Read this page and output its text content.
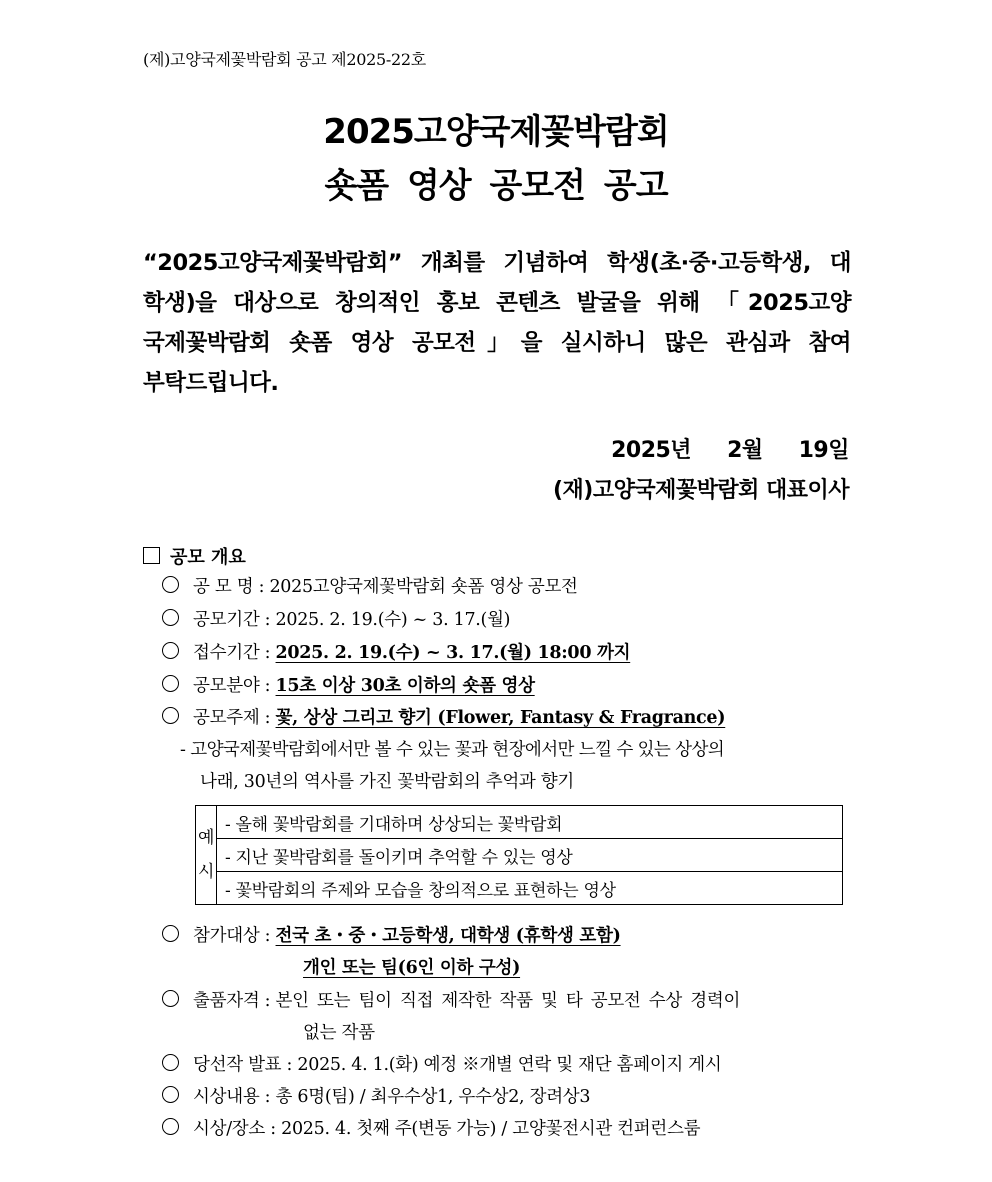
(제)고양국제꽃박람회 공고 제2025-22호
2025고양국제꽃박람회
숏폼 영상 공모전 공고
“2025고양국제꽃박람회” 개최를 기념하여 학생(초·중·고등학생, 대
학생)을 대상으로 창의적인 홍보 콘텐츠 발굴을 위해 「2025고양
국제꽃박람회 숏폼 영상 공모전」을 실시하니 많은 관심과 참여
부탁드립니다.
2025년 2월 19일
(재)고양국제꽃박람회 대표이사
공모 개요
공 모 명 : 2025고양국제꽃박람회 숏폼 영상 공모전
공모기간 : 2025. 2. 19.(수) ~ 3. 17.(월)
접수기간 : 2025. 2. 19.(수) ~ 3. 17.(월) 18:00 까지
공모분야 : 15초 이상 30초 이하의 숏폼 영상
공모주제 : 꽃, 상상 그리고 향기 (Flower, Fantasy & Fragrance)
- 고양국제꽃박람회에서만 볼 수 있는 꽃과 현장에서만 느낄 수 있는 상상의
나래, 30년의 역사를 가진 꽃박람회의 추억과 향기
예
시	- 올해 꽃박람회를 기대하며 상상되는 꽃박람회
- 지난 꽃박람회를 돌이키며 추억할 수 있는 영상
- 꽃박람회의 주제와 모습을 창의적으로 표현하는 영상
참가대상 : 전국 초・중・고등학생, 대학생 (휴학생 포함)
개인 또는 팀(6인 이하 구성)
출품자격 : 본인 또는 팀이 직접 제작한 작품 및 타 공모전 수상 경력이
없는 작품
당선작 발표 : 2025. 4. 1.(화) 예정 ※개별 연락 및 재단 홈페이지 게시
시상내용 : 총 6명(팀) / 최우수상1, 우수상2, 장려상3
시상/장소 : 2025. 4. 첫째 주(변동 가능) / 고양꽃전시관 컨퍼런스룸
